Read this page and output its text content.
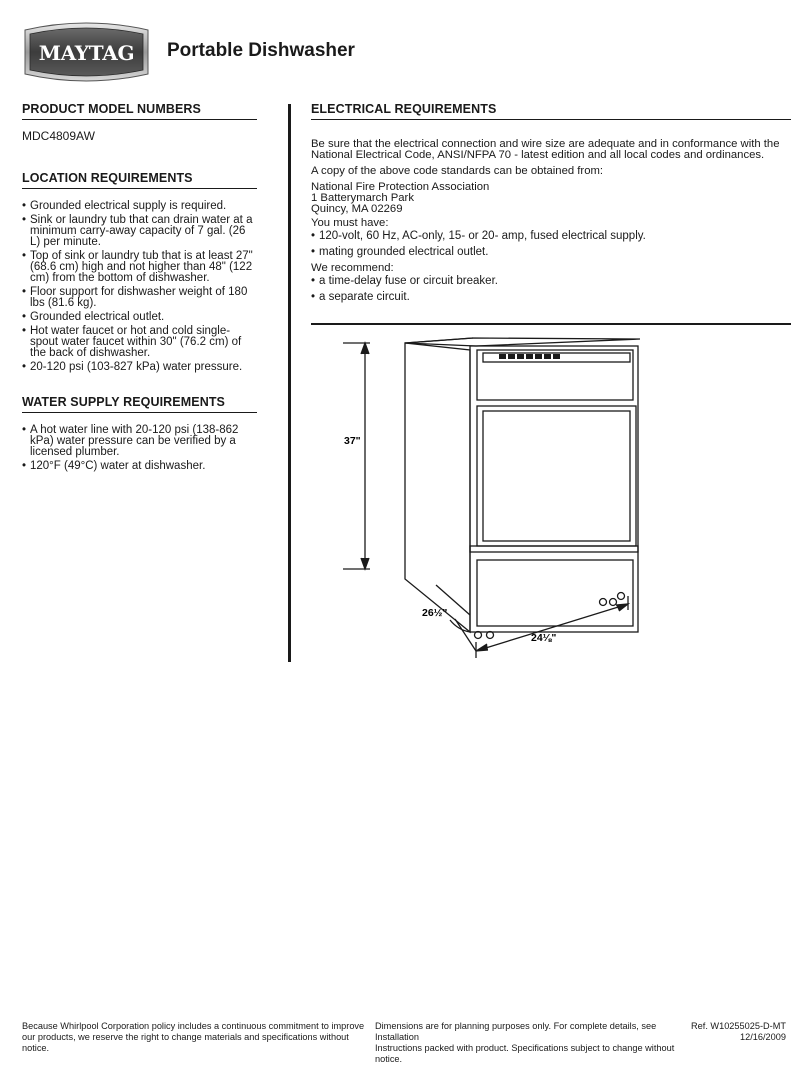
MAYTAG Portable Dishwasher
PRODUCT MODEL NUMBERS
MDC4809AW
LOCATION REQUIREMENTS
• Grounded electrical supply is required.
• Sink or laundry tub that can drain water at a minimum carry-away capacity of 7 gal. (26 L) per minute.
• Top of sink or laundry tub that is at least 27" (68.6 cm) high and not higher than 48" (122 cm) from the bottom of dishwasher.
• Floor support for dishwasher weight of 180 lbs (81.6 kg).
• Grounded electrical outlet.
• Hot water faucet or hot and cold single-spout water faucet within 30" (76.2 cm) of the back of dishwasher.
• 20-120 psi (103-827 kPa) water pressure.
WATER SUPPLY REQUIREMENTS
• A hot water line with 20-120 psi (138-862 kPa) water pressure can be verified by a licensed plumber.
• 120°F (49°C) water at dishwasher.
ELECTRICAL REQUIREMENTS

Be sure that the electrical connection and wire size are adequate and in conformance with the National Electrical Code, ANSI/NFPA 70 - latest edition and all local codes and ordinances.

A copy of the above code standards can be obtained from:

National Fire Protection Association
1 Batterymarch Park
Quincy, MA 02269

You must have:

• 120-volt, 60 Hz, AC-only, 15- or 20- amp, fused electrical supply.
• mating grounded electrical outlet.

We recommend:

• a time-delay fuse or circuit breaker.
• a separate circuit.
37"
26½"
24⅛"
Because Whirlpool Corporation policy includes a continuous commitment to improve
our products, we reserve the right to change materials and specifications without notice.
Dimensions are for planning purposes only. For complete details, see Installation
Instructions packed with product. Specifications subject to change without notice.
Ref. W10255025-D-MT
12/16/2009
